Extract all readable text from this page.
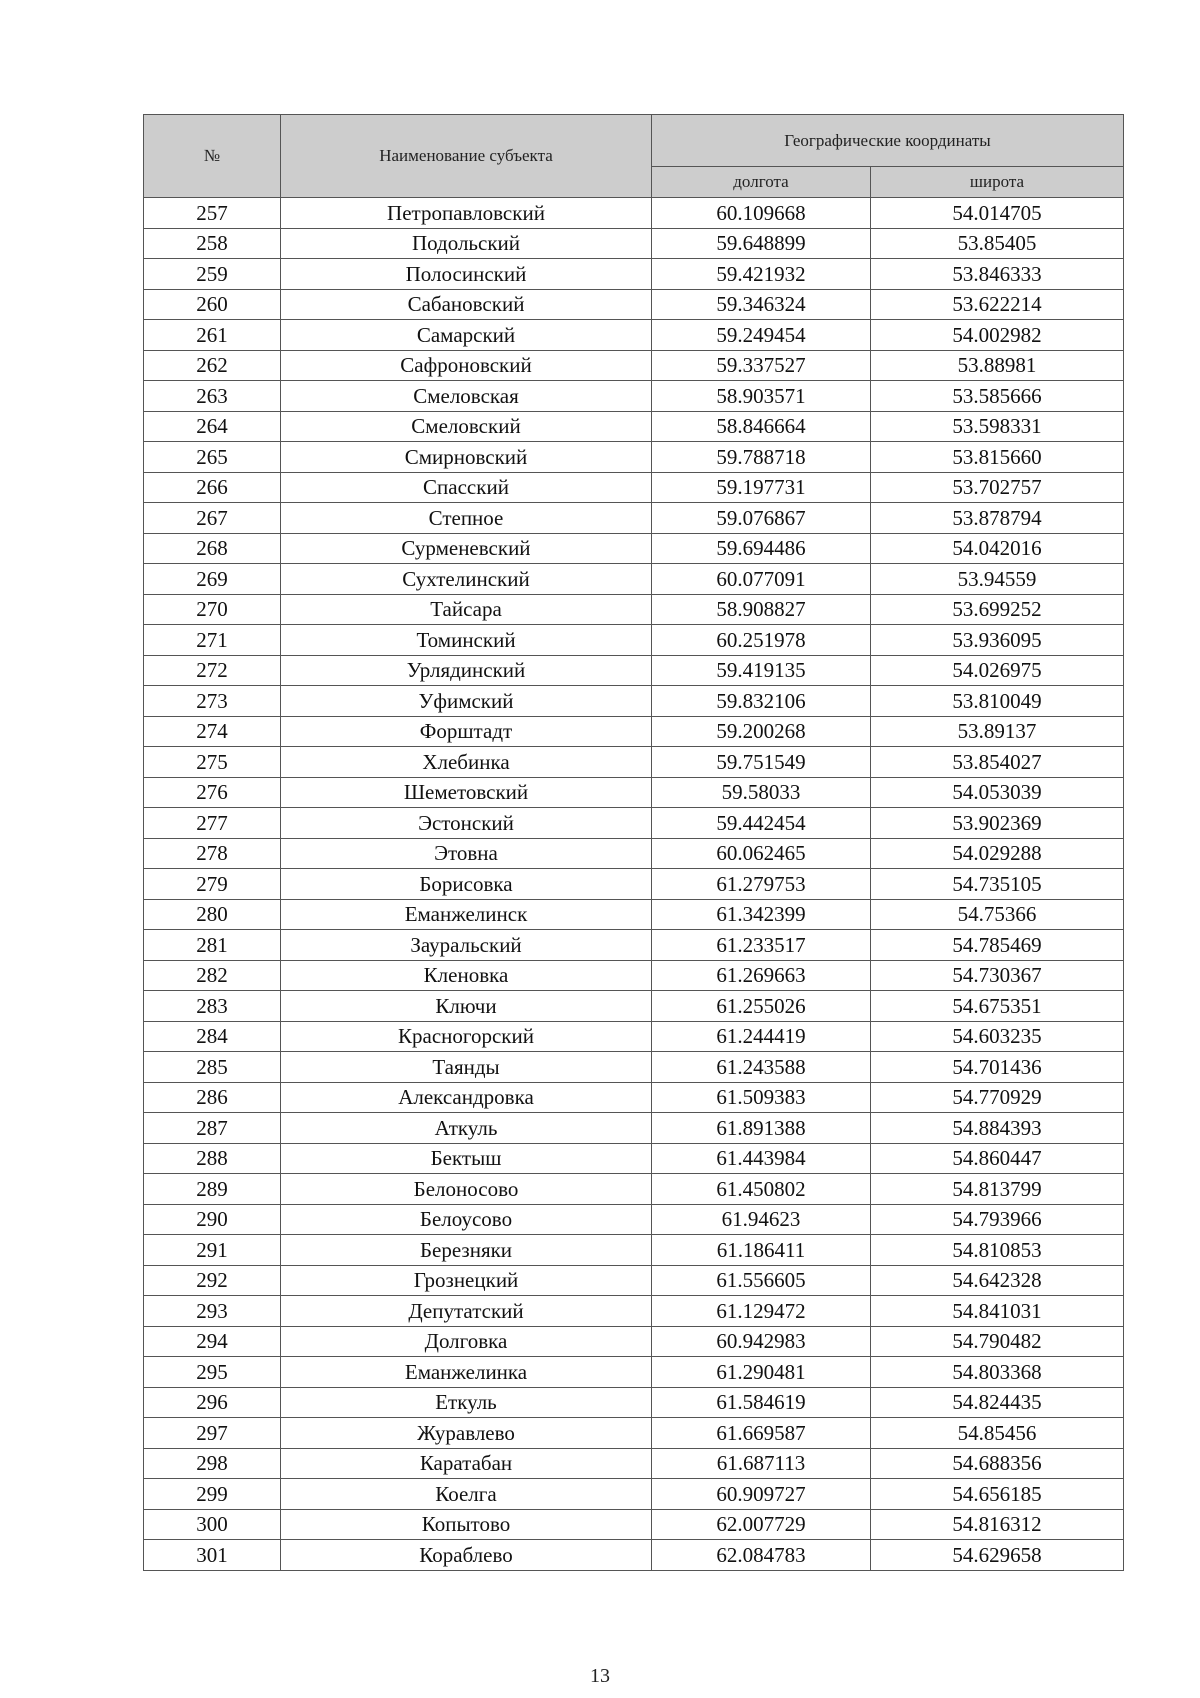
№	Наименование субъекта	Географические координаты	
		долгота	широта
257	Петропавловский	60.109668	54.014705
258	Подольский	59.648899	53.85405
259	Полосинский	59.421932	53.846333
260	Сабановский	59.346324	53.622214
261	Самарский	59.249454	54.002982
262	Сафроновский	59.337527	53.88981
263	Смеловская	58.903571	53.585666
264	Смеловский	58.846664	53.598331
265	Смирновский	59.788718	53.815660
266	Спасский	59.197731	53.702757
267	Степное	59.076867	53.878794
268	Сурменевский	59.694486	54.042016
269	Сухтелинский	60.077091	53.94559
270	Тайсара	58.908827	53.699252
271	Томинский	60.251978	53.936095
272	Урлядинский	59.419135	54.026975
273	Уфимский	59.832106	53.810049
274	Форштадт	59.200268	53.89137
275	Хлебинка	59.751549	53.854027
276	Шеметовский	59.58033	54.053039
277	Эстонский	59.442454	53.902369
278	Этовна	60.062465	54.029288
279	Борисовка	61.279753	54.735105
280	Еманжелинск	61.342399	54.75366
281	Зауральский	61.233517	54.785469
282	Кленовка	61.269663	54.730367
283	Ключи	61.255026	54.675351
284	Красногорский	61.244419	54.603235
285	Таянды	61.243588	54.701436
286	Александровка	61.509383	54.770929
287	Аткуль	61.891388	54.884393
288	Бектыш	61.443984	54.860447
289	Белоносово	61.450802	54.813799
290	Белоусово	61.94623	54.793966
291	Березняки	61.186411	54.810853
292	Грознецкий	61.556605	54.642328
293	Депутатский	61.129472	54.841031
294	Долговка	60.942983	54.790482
295	Еманжелинка	61.290481	54.803368
296	Еткуль	61.584619	54.824435
297	Журавлево	61.669587	54.85456
298	Каратабан	61.687113	54.688356
299	Коелга	60.909727	54.656185
300	Копытово	62.007729	54.816312
301	Кораблево	62.084783	54.629658
13
